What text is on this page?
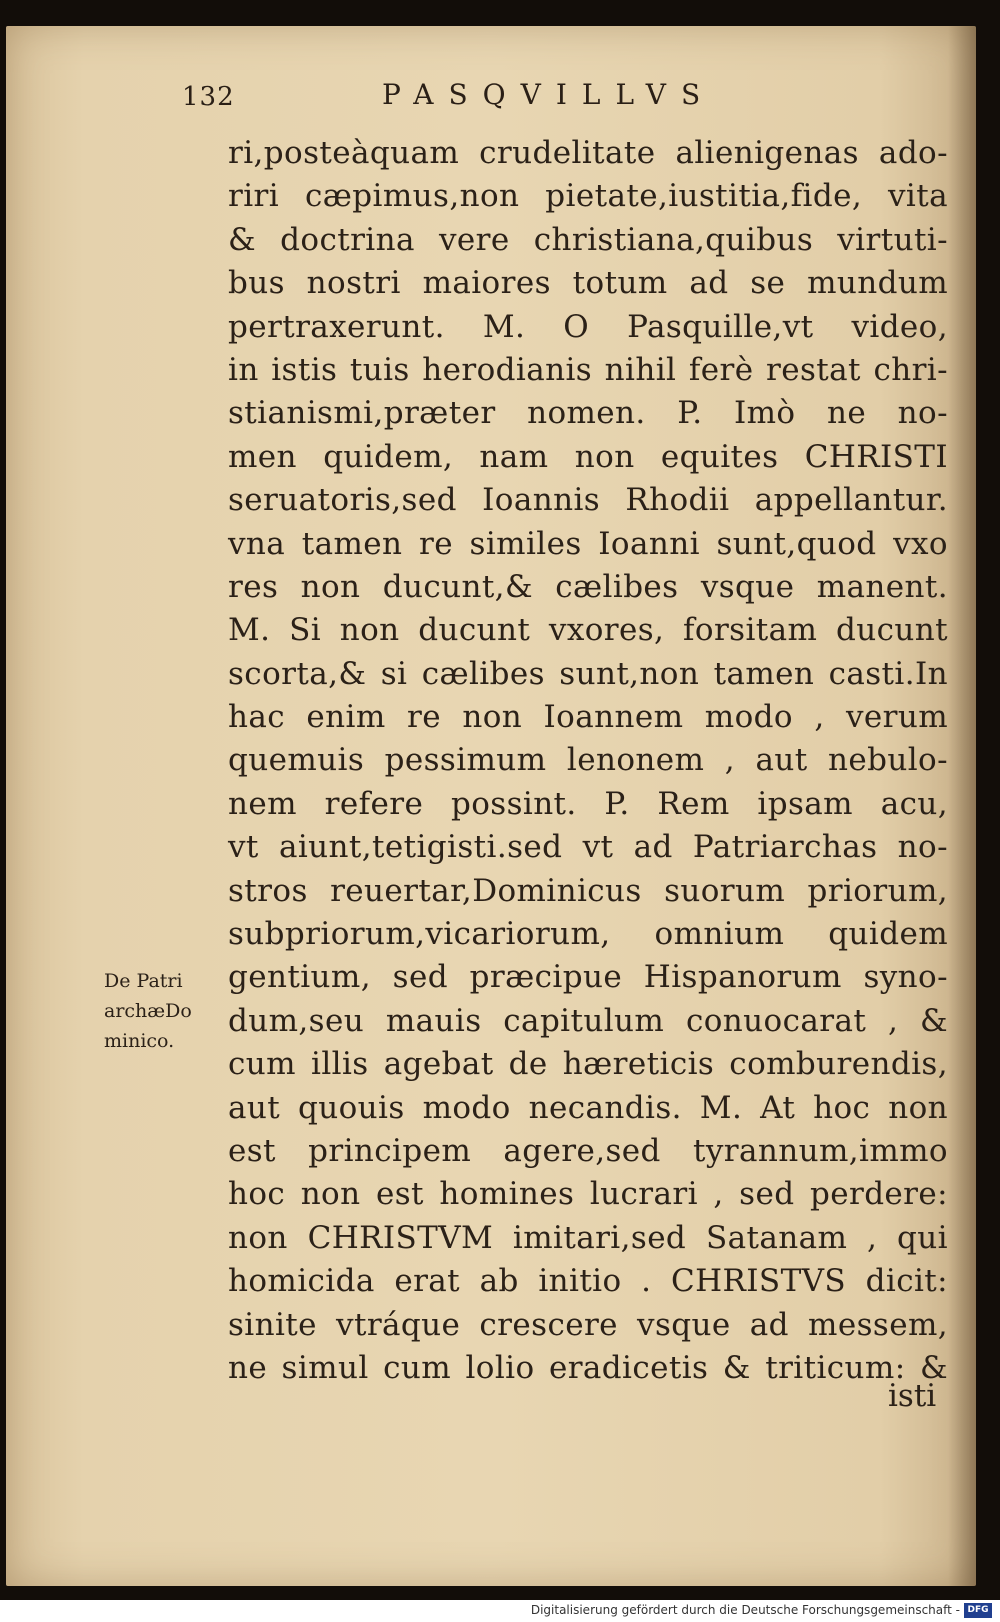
132	PASQVILLVS
ri,posteàquam crudelitate alienigenas ado-
riri cæpimus,non pietate,iustitia,fide, vita
& doctrina vere christiana,quibus virtuti-
bus nostri maiores totum ad se mundum
pertraxerunt. M. O Pasquille,vt video,
in istis tuis herodianis nihil ferè restat chri-
stianismi,præter nomen. P. Imò ne no-
men quidem, nam non equites CHRISTI
seruatoris,sed Ioannis Rhodii appellantur.
vna tamen re similes Ioanni sunt,quod vxo
res non ducunt,& cælibes vsque manent.
M. Si non ducunt vxores, forsitam ducunt
scorta,& si cælibes sunt,non tamen casti.In
hac enim re non Ioannem modo , verum
quemuis pessimum lenonem , aut nebulo-
nem refere possint. P. Rem ipsam acu,
vt aiunt,tetigisti.sed vt ad Patriarchas no-
stros reuertar,Dominicus suorum priorum,
subpriorum,vicariorum, omnium quidem
gentium, sed præcipue Hispanorum syno-
dum,seu mauis capitulum conuocarat , &
cum illis agebat de hæreticis comburendis,
aut quouis modo necandis. M. At hoc non
est principem agere,sed tyrannum,immo
hoc non est homines lucrari , sed perdere:
non CHRISTVM imitari,sed Satanam , qui
homicida erat ab initio . CHRISTVS dicit:
sinite vtráque crescere vsque ad messem,
ne simul cum lolio eradicetis & triticum: &
De Patri
archæDo
minico.
isti
Digitalisierung gefördert durch die Deutsche Forschungsgemeinschaft - DFG
